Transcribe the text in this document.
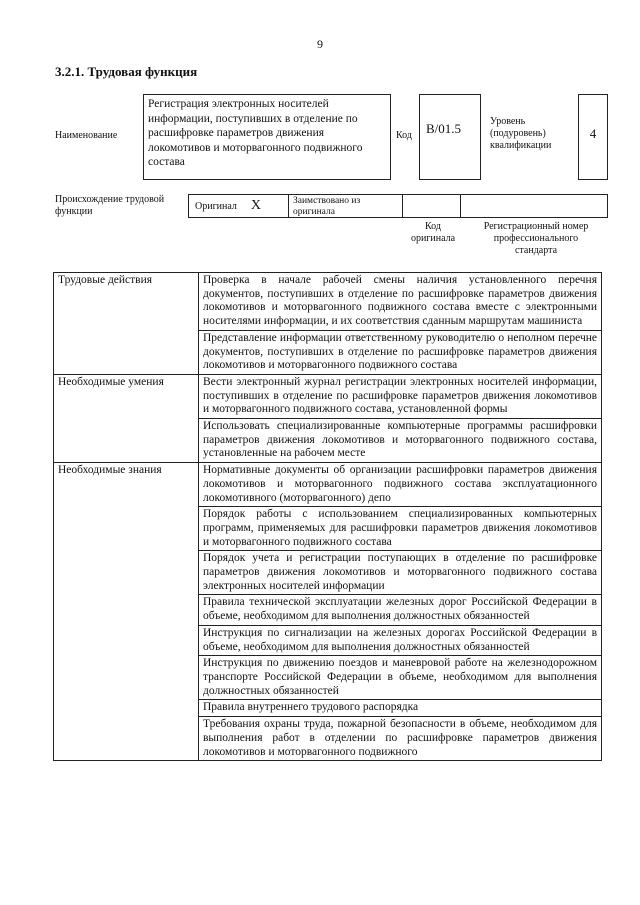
9
3.2.1. Трудовая функция
Наименование
Регистрация электронных носителей информации, поступивших в отделение по расшифровке параметров движения локомотивов и моторвагонного подвижного состава
Код	В/01.5	Уровень (подуровень) квалификации
4
Происхождение трудовой функции	Оригинал X	Заимствовано из оригинала
Код оригинала
Регистрационный номер профессионального стандарта
Трудовые действия	Проверка в начале рабочей смены наличия установленного перечня документов, поступивших в отделение по расшифровке параметров движения локомотивов и моторвагонного подвижного состава вместе с электронными носителями информации, и их соответствия сданным маршрутам машиниста
	Представление информации ответственному руководителю о неполном перечне документов, поступивших в отделение по расшифровке параметров движения локомотивов и моторвагонного подвижного состава
Необходимые умения	Вести электронный журнал регистрации электронных носителей информации, поступивших в отделение по расшифровке параметров движения локомотивов и моторвагонного подвижного состава, установленной формы
	Использовать специализированные компьютерные программы расшифровки параметров движения локомотивов и моторвагонного подвижного состава, установленные на рабочем месте
Необходимые знания	Нормативные документы об организации расшифровки параметров движения локомотивов и моторвагонного подвижного состава эксплуатационного локомотивного (моторвагонного) депо
	Порядок работы с использованием специализированных компьютерных программ, применяемых для расшифровки параметров движения локомотивов и моторвагонного подвижного состава
	Порядок учета и регистрации поступающих в отделение по расшифровке параметров движения локомотивов и моторвагонного подвижного состава электронных носителей информации
	Правила технической эксплуатации железных дорог Российской Федерации в объеме, необходимом для выполнения должностных обязанностей
	Инструкция по сигнализации на железных дорогах Российской Федерации в объеме, необходимом для выполнения должностных обязанностей
	Инструкция по движению поездов и маневровой работе на железнодорожном транспорте Российской Федерации в объеме, необходимом для выполнения должностных обязанностей
	Правила внутреннего трудового распорядка
	Требования охраны труда, пожарной безопасности в объеме, необходимом для выполнения работ в отделении по расшифровке параметров движения локомотивов и моторвагонного подвижного
